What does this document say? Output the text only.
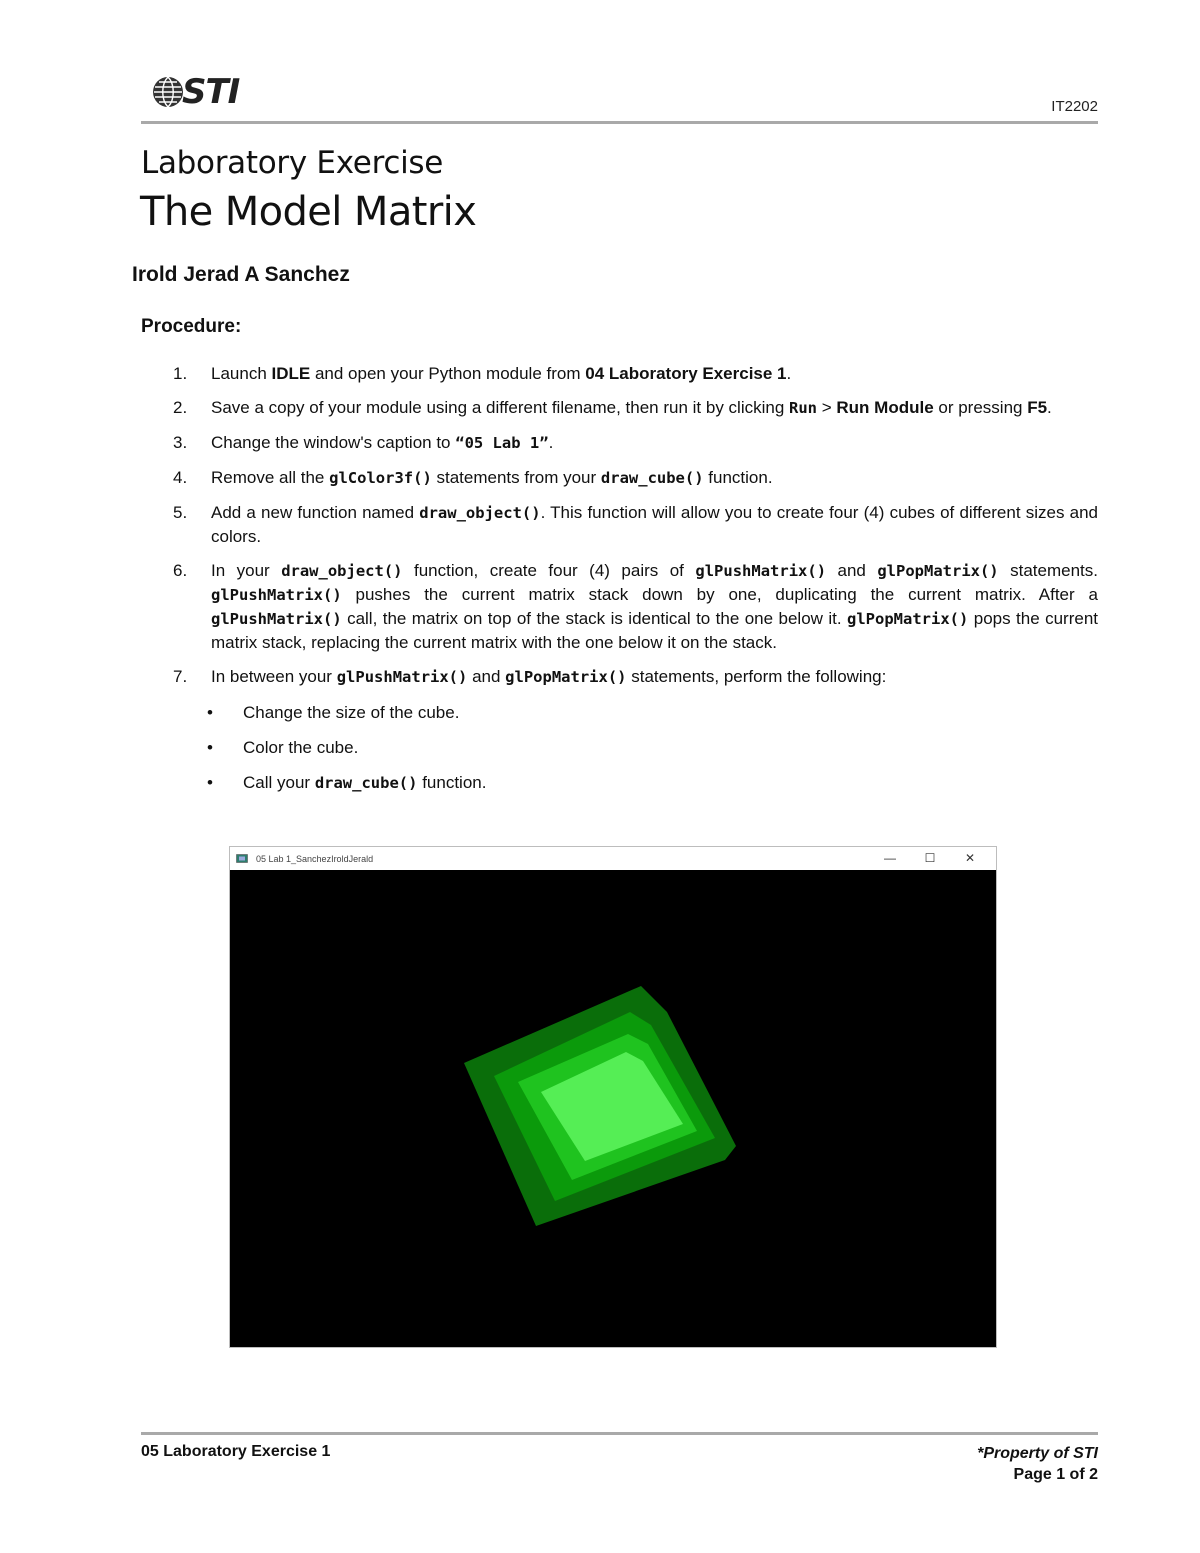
STI	IT2202
Laboratory Exercise
The Model Matrix
Irold Jerad A Sanchez
Procedure:
1.	Launch IDLE and open your Python module from 04 Laboratory Exercise 1.
2.	Save a copy of your module using a different filename, then run it by clicking Run > Run Module or pressing F5.
3.	Change the window's caption to “05 Lab 1”.
4.	Remove all the glColor3f() statements from your draw_cube() function.
5.	Add a new function named draw_object(). This function will allow you to create four (4) cubes of different sizes and colors.
6.	In your draw_object() function, create four (4) pairs of glPushMatrix() and glPopMatrix() statements. glPushMatrix() pushes the current matrix stack down by one, duplicating the current matrix. After a glPushMatrix() call, the matrix on top of the stack is identical to the one below it. glPopMatrix() pops the current matrix stack, replacing the current matrix with the one below it on the stack.
7.	In between your glPushMatrix() and glPopMatrix() statements, perform the following:
•	Change the size of the cube.
•	Color the cube.
•	Call your draw_cube() function.
05 Lab 1_SanchezIroldJerald	—	☐	✕
05 Laboratory Exercise 1	*Property of STI
Page 1 of 2
